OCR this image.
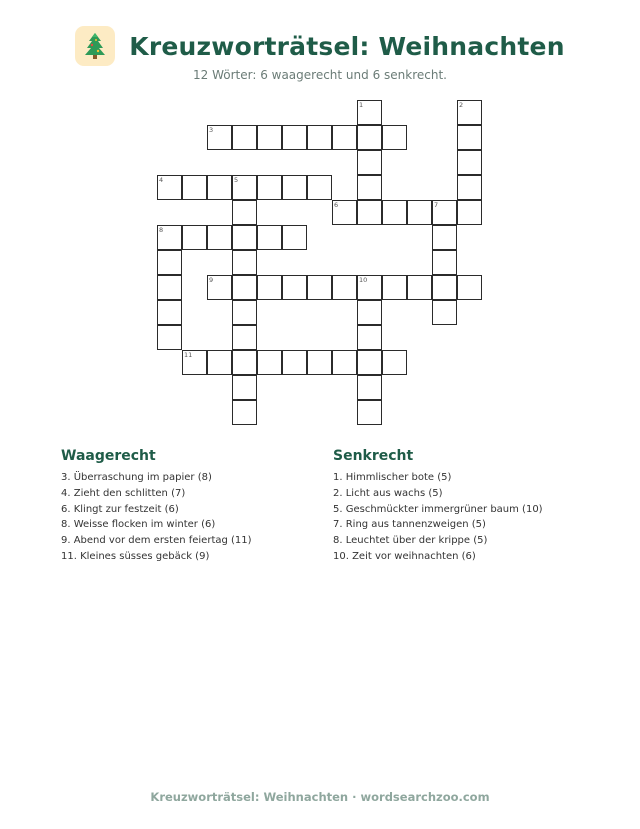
Kreuzworträtsel: Weihnachten
12 Wörter: 6 waagerecht und 6 senkrecht.
3
4
6
8
9
11
1	2
5
7
10
Waagerecht
3. Überraschung im papier (8)
4. Zieht den schlitten (7)
6. Klingt zur festzeit (6)
8. Weisse flocken im winter (6)
9. Abend vor dem ersten feiertag (11)
11. Kleines süsses gebäck (9)
Senkrecht
1. Himmlischer bote (5)
2. Licht aus wachs (5)
5. Geschmückter immergrüner baum (10)
7. Ring aus tannenzweigen (5)
8. Leuchtet über der krippe (5)
10. Zeit vor weihnachten (6)
Kreuzworträtsel: Weihnachten · wordsearchzoo.com
